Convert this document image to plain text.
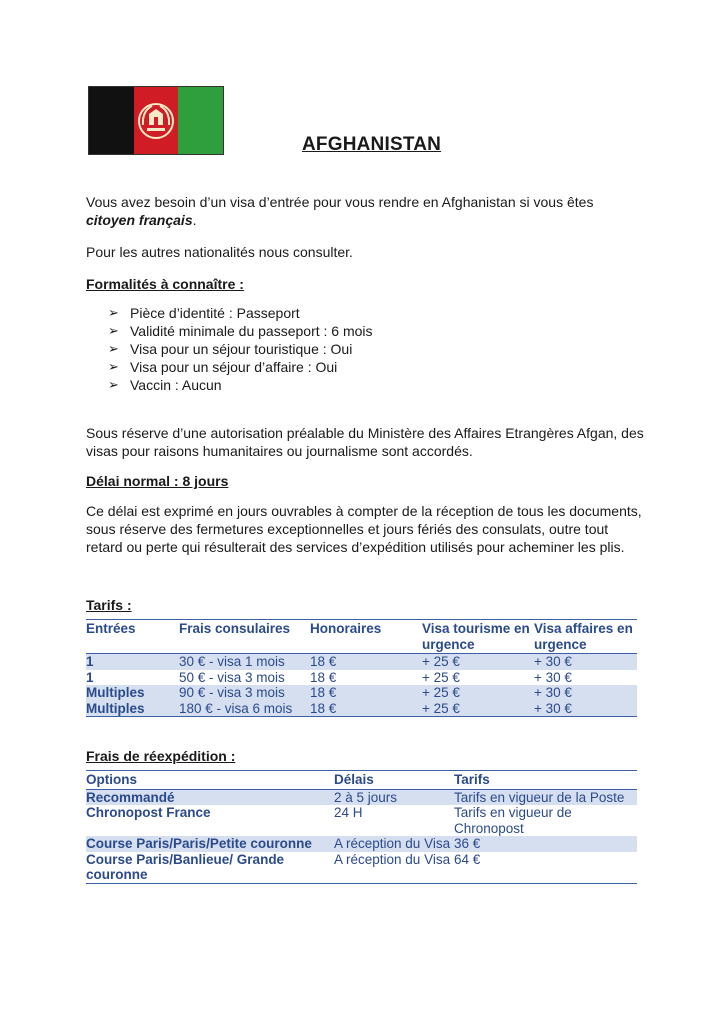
AFGHANISTAN

Vous avez besoin d’un visa d’entrée pour vous rendre en Afghanistan si vous êtes citoyen français.

Pour les autres nationalités nous consulter.

Formalités à connaître :

➢ Pièce d’identité : Passeport
➢ Validité minimale du passeport : 6 mois
➢ Visa pour un séjour touristique : Oui
➢ Visa pour un séjour d’affaire : Oui
➢ Vaccin : Aucun

Sous réserve d’une autorisation préalable du Ministère des Affaires Etrangères Afgan, des visas pour raisons humanitaires ou journalisme sont accordés.

Délai normal : 8 jours

Ce délai est exprimé en jours ouvrables à compter de la réception de tous les documents, sous réserve des fermetures exceptionnelles et jours fériés des consulats, outre tout retard ou perte qui résulterait des services d’expédition utilisés pour acheminer les plis.

Tarifs :

Entrées	Frais consulaires	Honoraires	Visa tourisme en urgence	Visa affaires en urgence
1	30 € - visa 1 mois	18 €	+ 25 €	+ 30 €
1	50 € - visa 3 mois	18 €	+ 25 €	+ 30 €
Multiples	90 € - visa 3 mois	18 €	+ 25 €	+ 30 €
Multiples	180 € - visa 6 mois	18 €	+ 25 €	+ 30 €

Frais de réexpédition :

Options	Délais	Tarifs
Recommandé	2 à 5 jours	Tarifs en vigueur de la Poste
Chronopost France	24 H	Tarifs en vigueur de Chronopost
Course Paris/Paris/Petite couronne	A réception du Visa	36 €
Course Paris/Banlieue/ Grande couronne	A réception du Visa	64 €
